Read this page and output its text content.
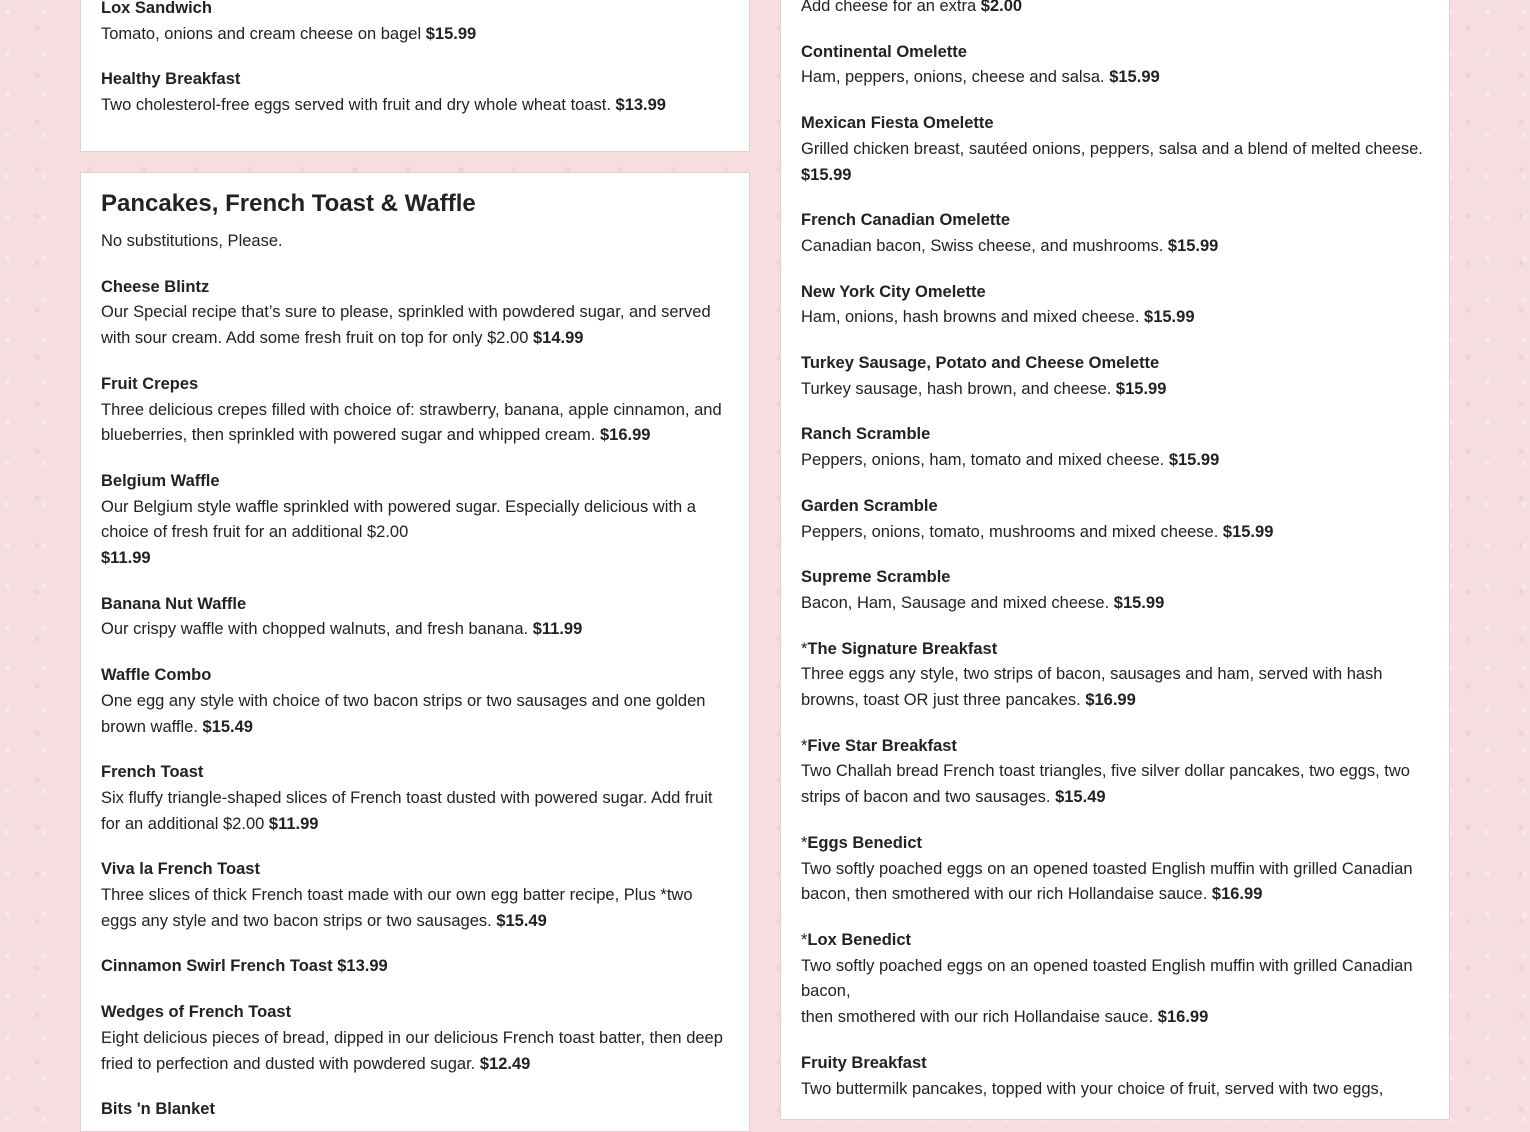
Lox Sandwich
Tomato, onions and cream cheese on bagel $15.99
Healthy Breakfast
Two cholesterol-free eggs served with fruit and dry whole wheat toast. $13.99
Pancakes, French Toast & Waffle
No substitutions, Please.
Cheese Blintz
Our Special recipe that’s sure to please, sprinkled with powdered sugar, and served with sour cream. Add some fresh fruit on top for only $2.00 $14.99
Fruit Crepes
Three delicious crepes filled with choice of: strawberry, banana, apple cinnamon, and blueberries, then sprinkled with powered sugar and whipped cream. $16.99
Belgium Waffle
Our Belgium style waffle sprinkled with powered sugar. Especially delicious with a choice of fresh fruit for an additional $2.00
$11.99
Banana Nut Waffle
Our crispy waffle with chopped walnuts, and fresh banana. $11.99
Waffle Combo
One egg any style with choice of two bacon strips or two sausages and one golden brown waffle. $15.49
French Toast
Six fluffy triangle-shaped slices of French toast dusted with powered sugar. Add fruit for an additional $2.00 $11.99
Viva la French Toast
Three slices of thick French toast made with our own egg batter recipe, Plus *two eggs any style and two bacon strips or two sausages. $15.49
Cinnamon Swirl French Toast $13.99
Wedges of French Toast
Eight delicious pieces of bread, dipped in our delicious French toast batter, then deep fried to perfection and dusted with powdered sugar. $12.49
Bits 'n Blanket
Add cheese for an extra $2.00
Continental Omelette
Ham, peppers, onions, cheese and salsa. $15.99
Mexican Fiesta Omelette
Grilled chicken breast, sautéed onions, peppers, salsa and a blend of melted cheese. $15.99
French Canadian Omelette
Canadian bacon, Swiss cheese, and mushrooms. $15.99
New York City Omelette
Ham, onions, hash browns and mixed cheese. $15.99
Turkey Sausage, Potato and Cheese Omelette
Turkey sausage, hash brown, and cheese. $15.99
Ranch Scramble
Peppers, onions, ham, tomato and mixed cheese. $15.99
Garden Scramble
Peppers, onions, tomato, mushrooms and mixed cheese. $15.99
Supreme Scramble
Bacon, Ham, Sausage and mixed cheese. $15.99
*The Signature Breakfast
Three eggs any style, two strips of bacon, sausages and ham, served with hash browns, toast OR just three pancakes. $16.99
*Five Star Breakfast
Two Challah bread French toast triangles, five silver dollar pancakes, two eggs, two strips of bacon and two sausages. $15.49
*Eggs Benedict
Two softly poached eggs on an opened toasted English muffin with grilled Canadian bacon, then smothered with our rich Hollandaise sauce. $16.99
*Lox Benedict
Two softly poached eggs on an opened toasted English muffin with grilled Canadian bacon,
then smothered with our rich Hollandaise sauce. $16.99
Fruity Breakfast
Two buttermilk pancakes, topped with your choice of fruit, served with two eggs,
